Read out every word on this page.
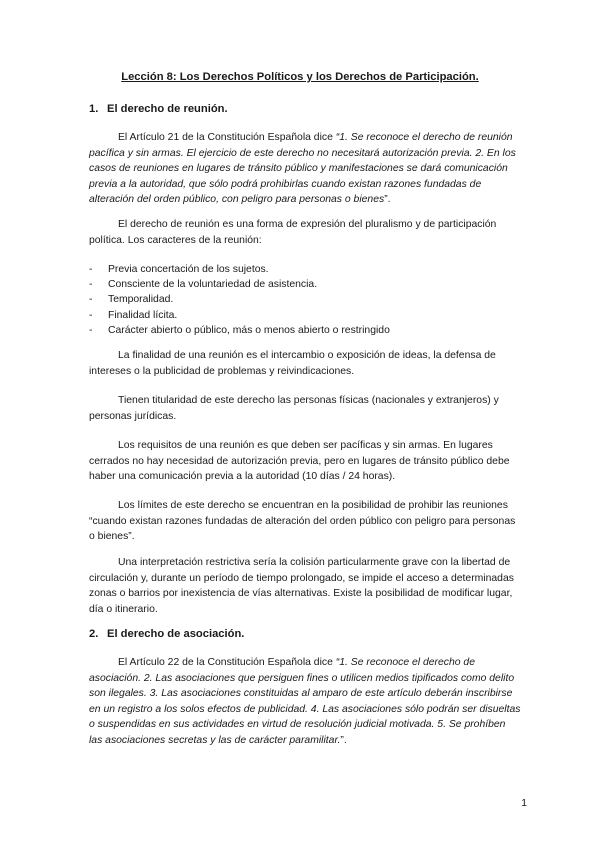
Lección 8: Los Derechos Políticos y los Derechos de Participación.
1. El derecho de reunión.

El Artículo 21 de la Constitución Española dice “1. Se reconoce el derecho de reunión pacífica y sin armas. El ejercicio de este derecho no necesitará autorización previa. 2. En los casos de reuniones en lugares de tránsito público y manifestaciones se dará comunicación previa a la autoridad, que sólo podrá prohibirlas cuando existan razones fundadas de alteración del orden público, con peligro para personas o bienes”.

El derecho de reunión es una forma de expresión del pluralismo y de participación política. Los caracteres de la reunión:

- Previa concertación de los sujetos.
- Consciente de la voluntariedad de asistencia.
- Temporalidad.
- Finalidad lícita.
- Carácter abierto o público, más o menos abierto o restringido

La finalidad de una reunión es el intercambio o exposición de ideas, la defensa de intereses o la publicidad de problemas y reivindicaciones.

Tienen titularidad de este derecho las personas físicas (nacionales y extranjeros) y personas jurídicas.

Los requisitos de una reunión es que deben ser pacíficas y sin armas. En lugares cerrados no hay necesidad de autorización previa, pero en lugares de tránsito público debe haber una comunicación previa a la autoridad (10 días / 24 horas).

Los límites de este derecho se encuentran en la posibilidad de prohibir las reuniones “cuando existan razones fundadas de alteración del orden público con peligro para personas o bienes”.

Una interpretación restrictiva sería la colisión particularmente grave con la libertad de circulación y, durante un período de tiempo prolongado, se impide el acceso a determinadas zonas o barrios por inexistencia de vías alternativas. Existe la posibilidad de modificar lugar, día o itinerario.

2. El derecho de asociación.

El Artículo 22 de la Constitución Española dice “1. Se reconoce el derecho de asociación. 2. Las asociaciones que persiguen fines o utilicen medios tipificados como delito son ilegales. 3. Las asociaciones constituidas al amparo de este artículo deberán inscribirse en un registro a los solos efectos de publicidad. 4. Las asociaciones sólo podrán ser disueltas o suspendidas en sus actividades en virtud de resolución judicial motivada. 5. Se prohíben las asociaciones secretas y las de carácter paramilitar.”.

1
